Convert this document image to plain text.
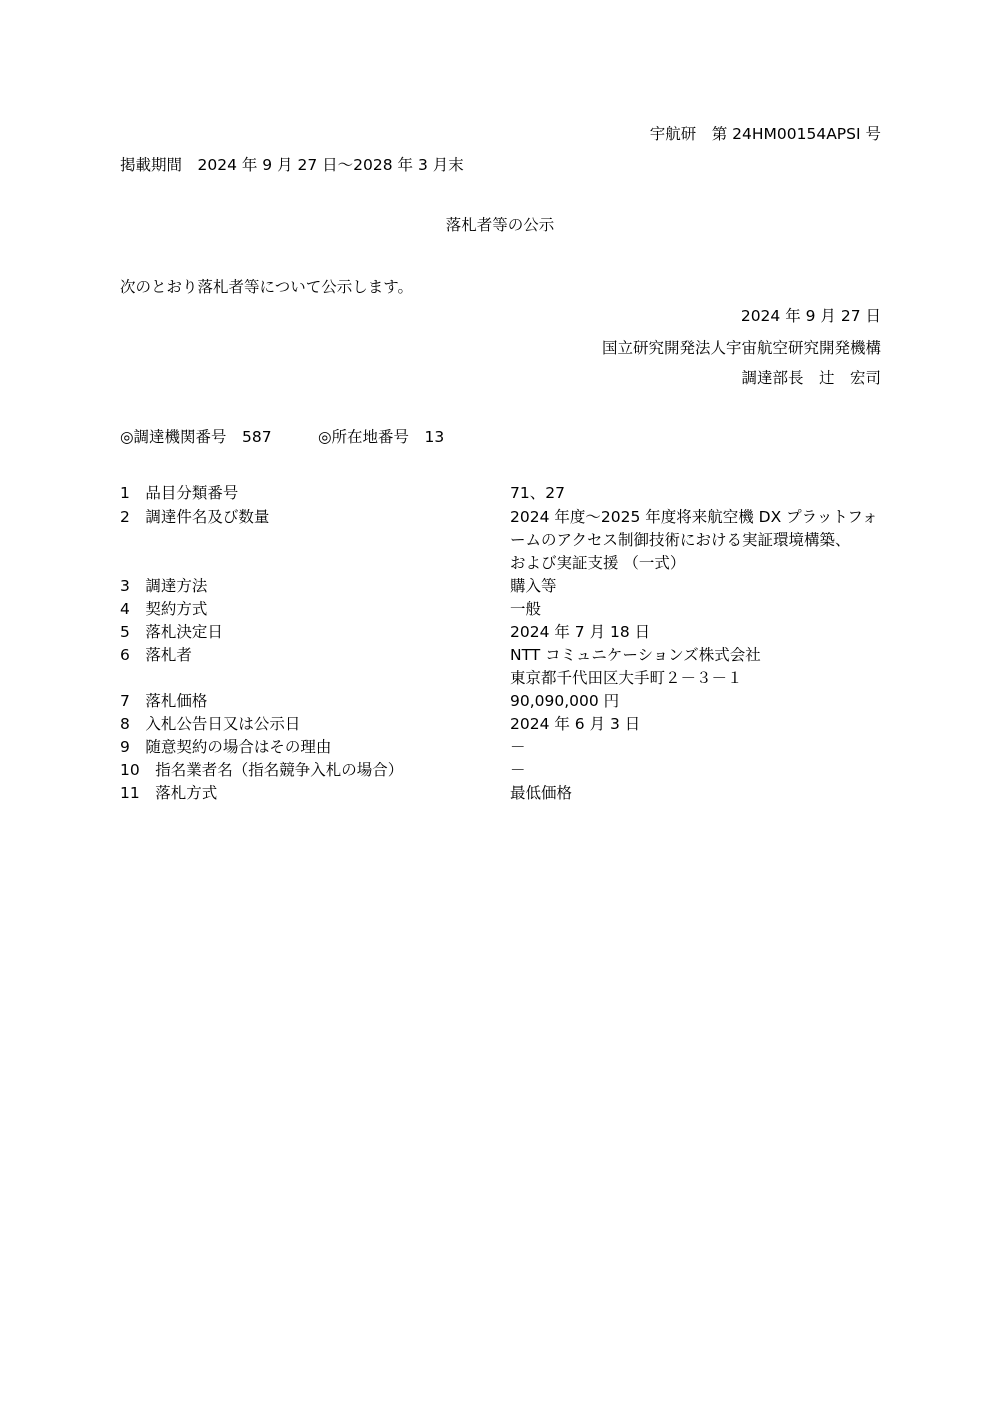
宇航研　第 24HM00154APSI 号
掲載期間　2024 年 9 月 27 日～2028 年 3 月末
落札者等の公示
次のとおり落札者等について公示します。
2024 年 9 月 27 日
国立研究開発法人宇宙航空研究開発機構
調達部長　辻　宏司
◎調達機関番号　587	◎所在地番号　13
1　品目分類番号	71、27
2　調達件名及び数量	2024 年度～2025 年度将来航空機 DX プラットフォ
ームのアクセス制御技術における実証環境構築、
および実証支援 （一式）
3　調達方法	購入等
4　契約方式	一般
5　落札決定日	2024 年 7 月 18 日
6　落札者	NTT コミュニケーションズ株式会社
東京都千代田区大手町２－３－１
7　落札価格	90,090,000 円
8　入札公告日又は公示日	2024 年 6 月 3 日
9　随意契約の場合はその理由	－
10　指名業者名（指名競争入札の場合）	－
11　落札方式	最低価格
